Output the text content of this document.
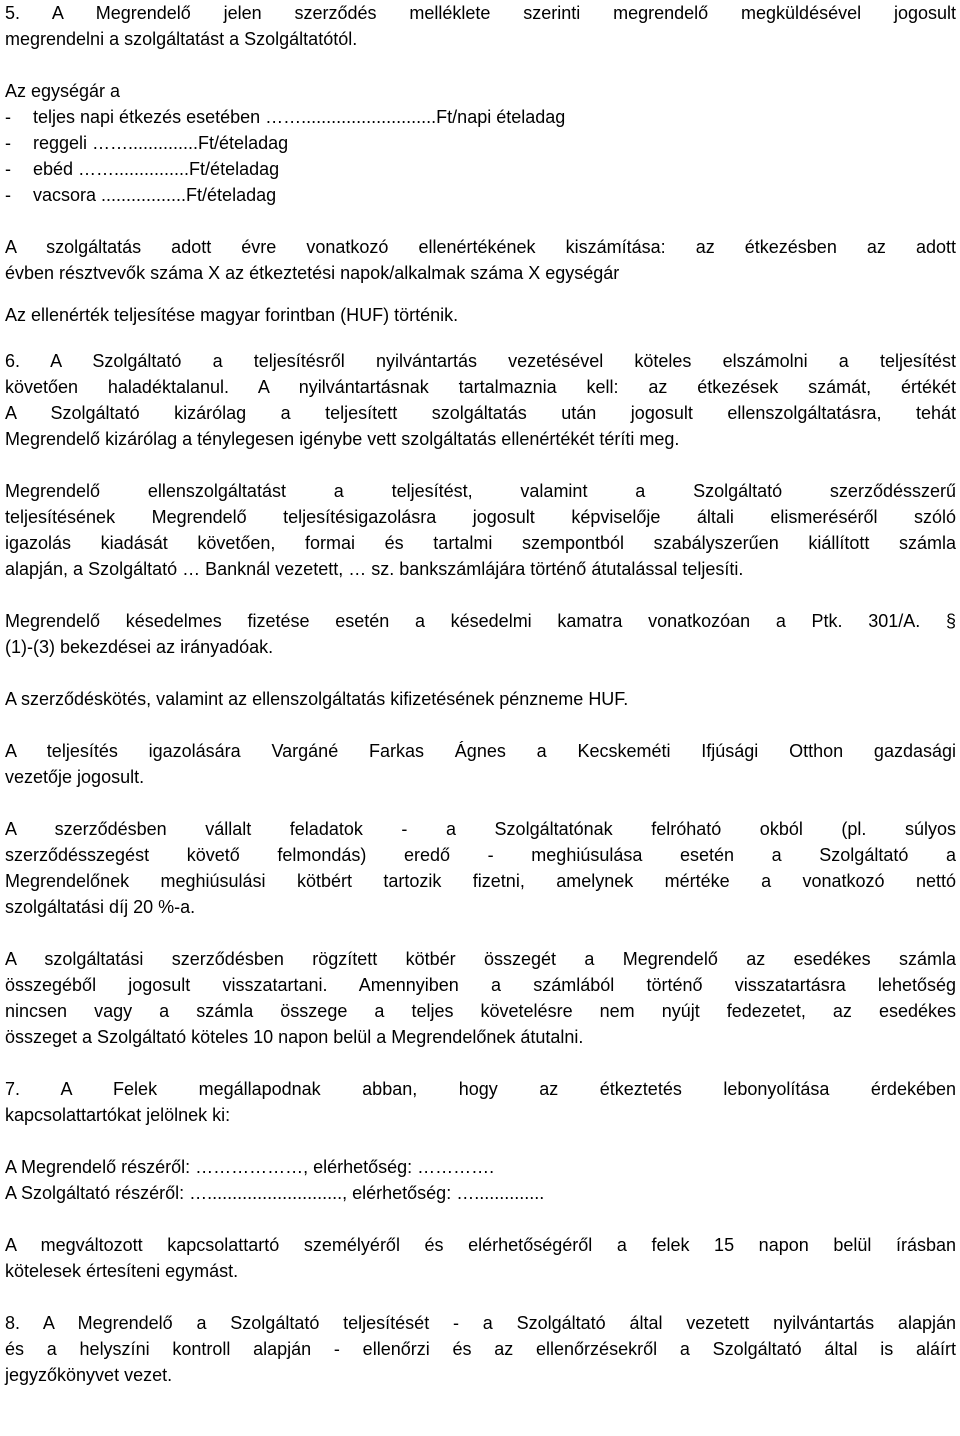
5. A Megrendelő jelen szerződés melléklete szerinti megrendelő megküldésével jogosult
megrendelni a szolgáltatást a Szolgáltatótól.
Az egységár a
- teljes napi étkezés esetében ……...........................Ft/napi ételadag
- reggeli ……..............Ft/ételadag
- ebéd ……...............Ft/ételadag
- vacsora .................Ft/ételadag
A szolgáltatás adott évre vonatkozó ellenértékének kiszámítása: az étkezésben az adott
évben résztvevők száma X az étkeztetési napok/alkalmak száma X egységár
Az ellenérték teljesítése magyar forintban (HUF) történik.
6. A Szolgáltató a teljesítésről nyilvántartás vezetésével köteles elszámolni a teljesítést
követően haladéktalanul. A nyilvántartásnak tartalmaznia kell: az étkezések számát, értékét
A Szolgáltató kizárólag a teljesített szolgáltatás után jogosult ellenszolgáltatásra, tehát
Megrendelő kizárólag a ténylegesen igénybe vett szolgáltatás ellenértékét téríti meg.
Megrendelő ellenszolgáltatást a teljesítést, valamint a Szolgáltató szerződésszerű
teljesítésének Megrendelő teljesítésigazolásra jogosult képviselője általi elismeréséről szóló
igazolás kiadását követően, formai és tartalmi szempontból szabályszerűen kiállított számla
alapján, a Szolgáltató … Banknál vezetett, … sz. bankszámlájára történő átutalással teljesíti.
Megrendelő késedelmes fizetése esetén a késedelmi kamatra vonatkozóan a Ptk. 301/A. §
(1)-(3) bekezdései az irányadóak.
A szerződéskötés, valamint az ellenszolgáltatás kifizetésének pénzneme HUF.
A teljesítés igazolására Vargáné Farkas Ágnes a Kecskeméti Ifjúsági Otthon gazdasági
vezetője jogosult.
A szerződésben vállalt feladatok - a Szolgáltatónak felróható okból (pl. súlyos
szerződésszegést követő felmondás) eredő - meghiúsulása esetén a Szolgáltató a
Megrendelőnek meghiúsulási kötbért tartozik fizetni, amelynek mértéke a vonatkozó nettó
szolgáltatási díj 20 %-a.
A szolgáltatási szerződésben rögzített kötbér összegét a Megrendelő az esedékes számla
összegéből jogosult visszatartani. Amennyiben a számlából történő visszatartásra lehetőség
nincsen vagy a számla összege a teljes követelésre nem nyújt fedezetet, az esedékes
összeget a Szolgáltató köteles 10 napon belül a Megrendelőnek átutalni.
7. A Felek megállapodnak abban, hogy az étkeztetés lebonyolítása érdekében
kapcsolattartókat jelölnek ki:
A Megrendelő részéről: ………………, elérhetőség: ………….
A Szolgáltató részéről: …..........................., elérhetőség: …..............
A megváltozott kapcsolattartó személyéről és elérhetőségéről a felek 15 napon belül írásban
kötelesek értesíteni egymást.
8. A Megrendelő a Szolgáltató teljesítését - a Szolgáltató által vezetett nyilvántartás alapján
és a helyszíni kontroll alapján - ellenőrzi és az ellenőrzésekről a Szolgáltató által is aláírt
jegyzőkönyvet vezet.
